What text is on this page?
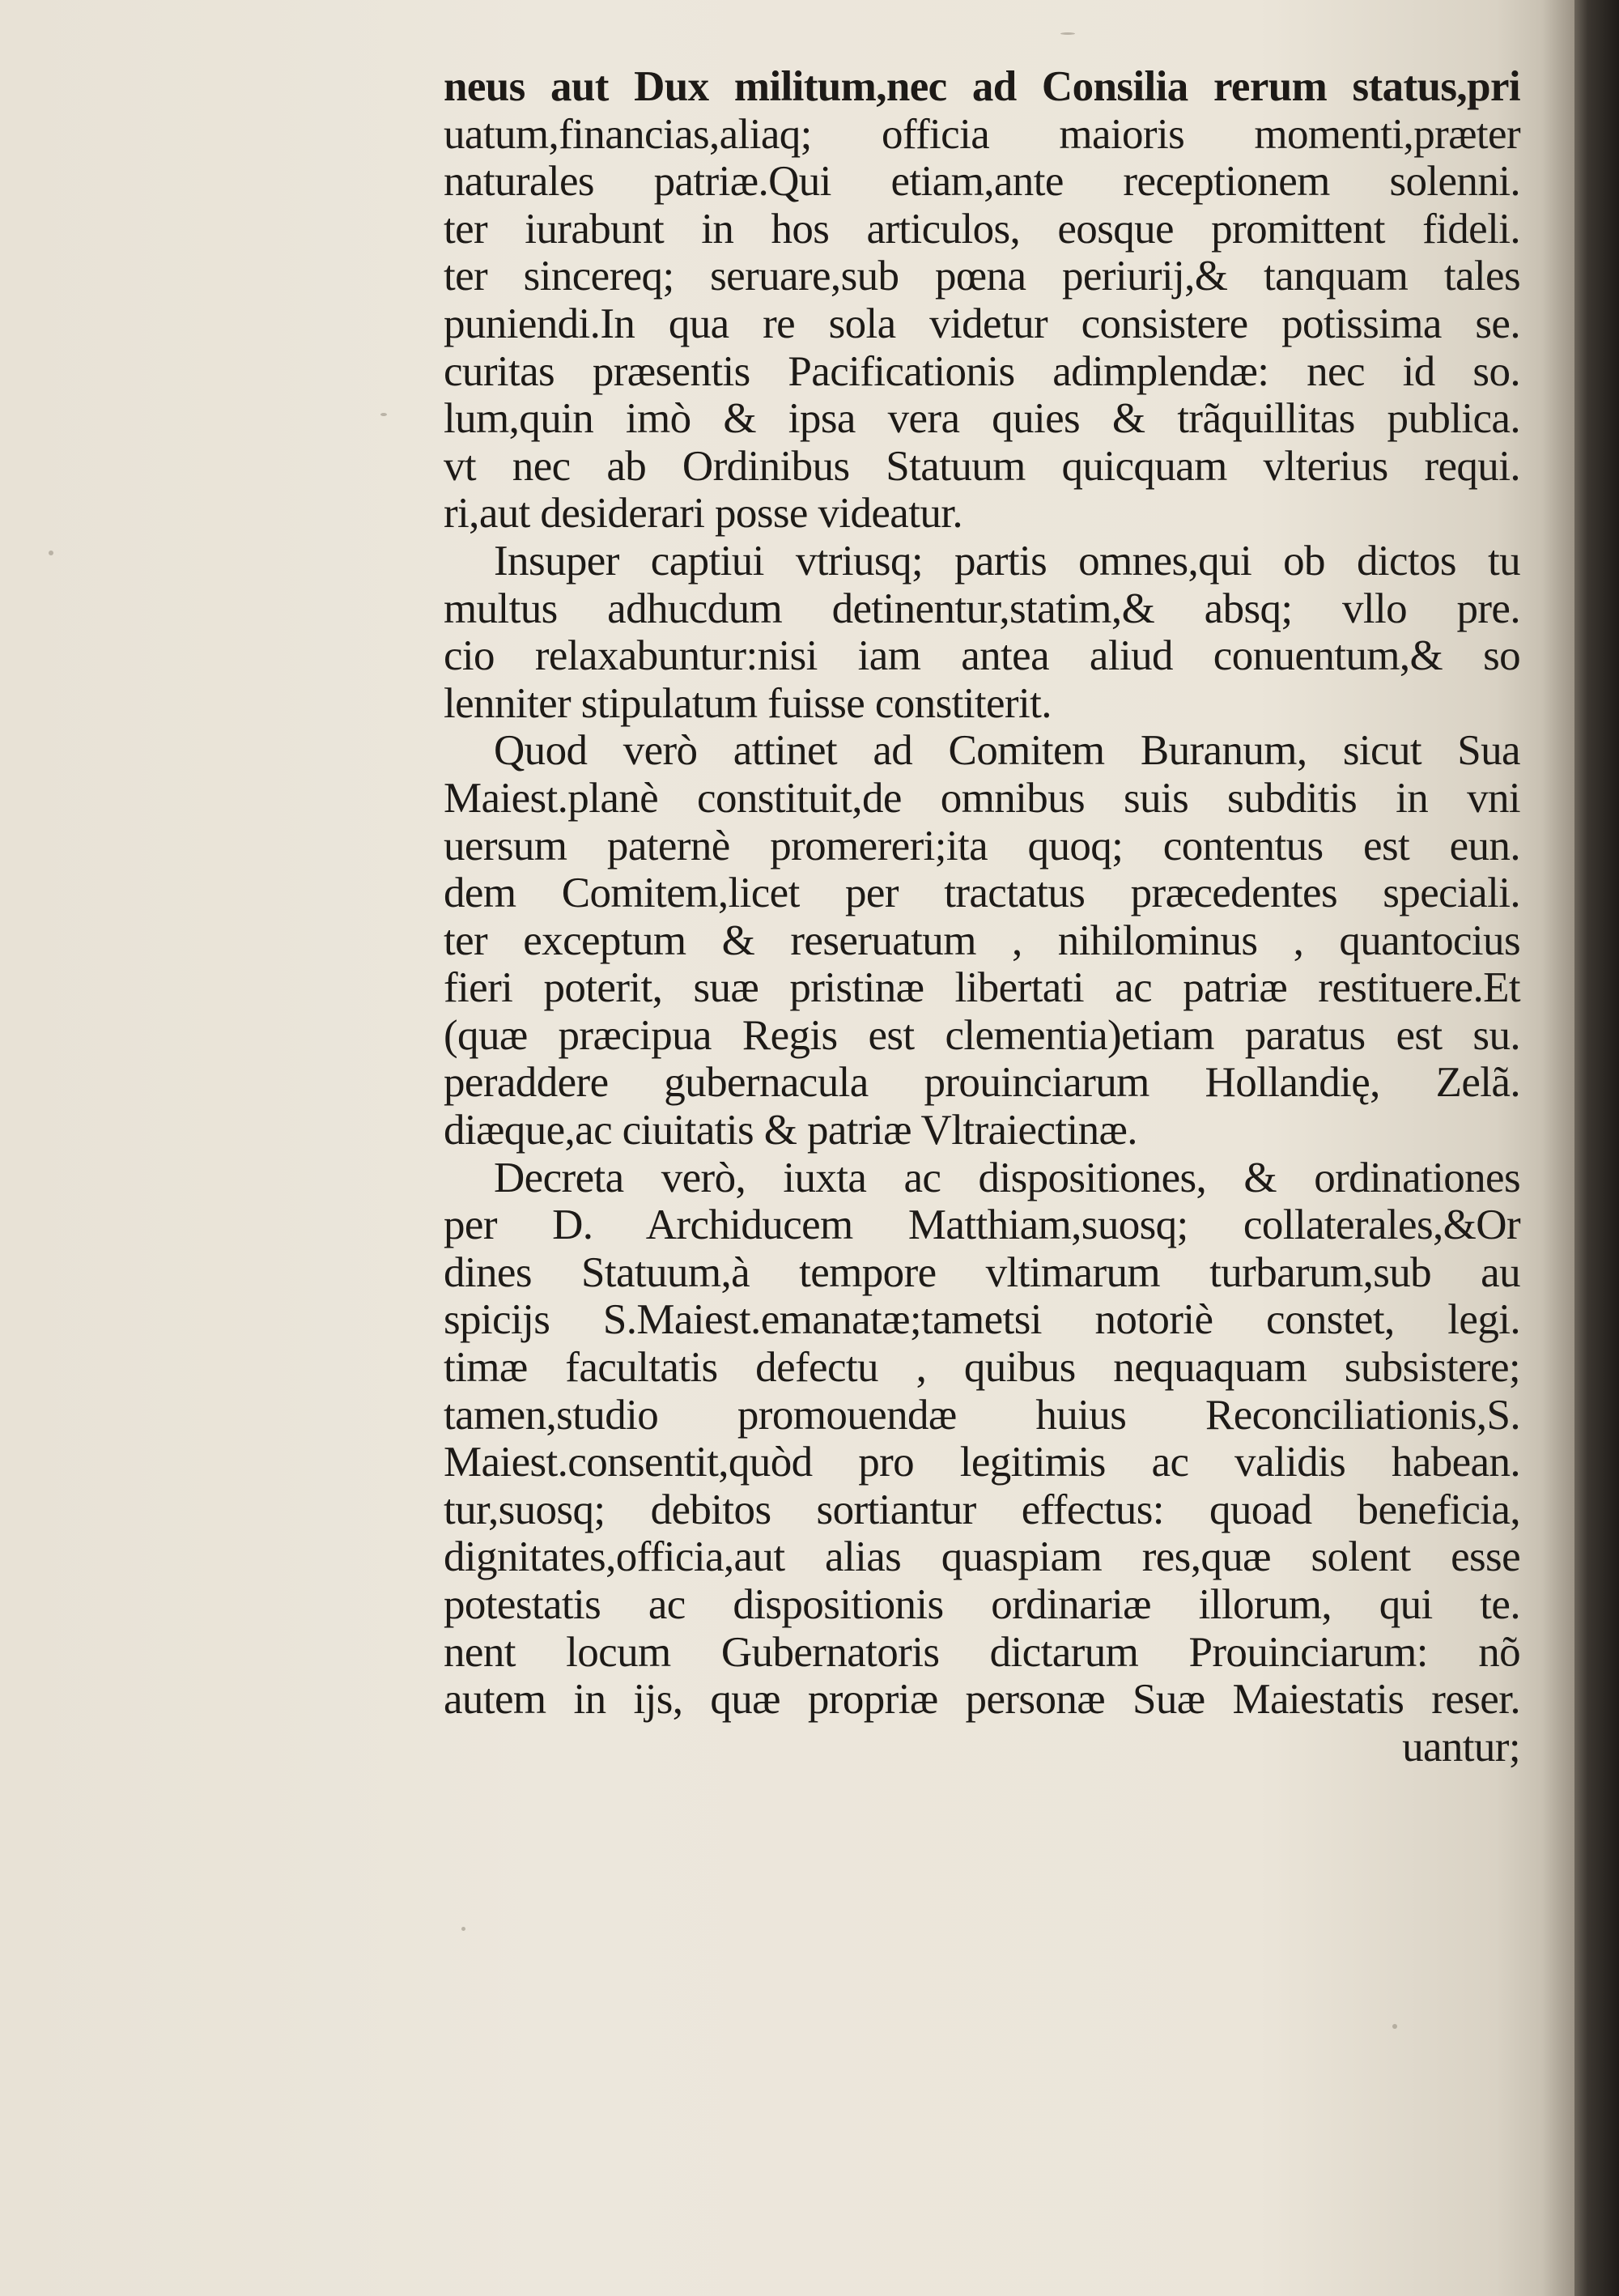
neus aut Dux militum,nec ad Consilia rerum status,pri
uatum,financias,aliaq; officia maioris momenti,præter
naturales patriæ.Qui etiam,ante receptionem solenni.
ter iurabunt in hos articulos, eosque promittent fideli.
ter sincereq; seruare,sub pœna periurij,& tanquam tales
puniendi.In qua re sola videtur consistere potissima se.
curitas præsentis Pacificationis adimplendæ: nec id so.
lum,quin imò & ipsa vera quies & trãquillitas publica.
vt nec ab Ordinibus Statuum quicquam vlterius requi.
ri,aut desiderari posse videatur.
Insuper captiui vtriusq; partis omnes,qui ob dictos tu
multus adhucdum detinentur,statim,& absq; vllo pre.
cio relaxabuntur:nisi iam antea aliud conuentum,& so
lenniter stipulatum fuisse constiterit.
Quod verò attinet ad Comitem Buranum, sicut Sua
Maiest.planè constituit,de omnibus suis subditis in vni
uersum paternè promereri;ita quoq; contentus est eun.
dem Comitem,licet per tractatus præcedentes speciali.
ter exceptum & reseruatum , nihilominus , quantocius
fieri poterit, suæ pristinæ libertati ac patriæ restituere.Et
(quæ præcipua Regis est clementia)etiam paratus est su.
peraddere gubernacula prouinciarum Hollandię, Zelã.
diæque,ac ciuitatis & patriæ Vltraiectinæ.
Decreta verò, iuxta ac dispositiones, & ordinationes
per D. Archiducem Matthiam,suosq; collaterales,&Or
dines Statuum,à tempore vltimarum turbarum,sub au
spicijs S.Maiest.emanatæ;tametsi notoriè constet, legi.
timæ facultatis defectu , quibus nequaquam subsistere;
tamen,studio promouendæ huius Reconciliationis,S.
Maiest.consentit,quòd pro legitimis ac validis habean.
tur,suosq; debitos sortiantur effectus: quoad beneficia,
dignitates,officia,aut alias quaspiam res,quæ solent esse
potestatis ac dispositionis ordinariæ illorum, qui te.
nent locum Gubernatoris dictarum Prouinciarum: nõ
autem in ijs, quæ propriæ personæ Suæ Maiestatis reser.
uantur;
